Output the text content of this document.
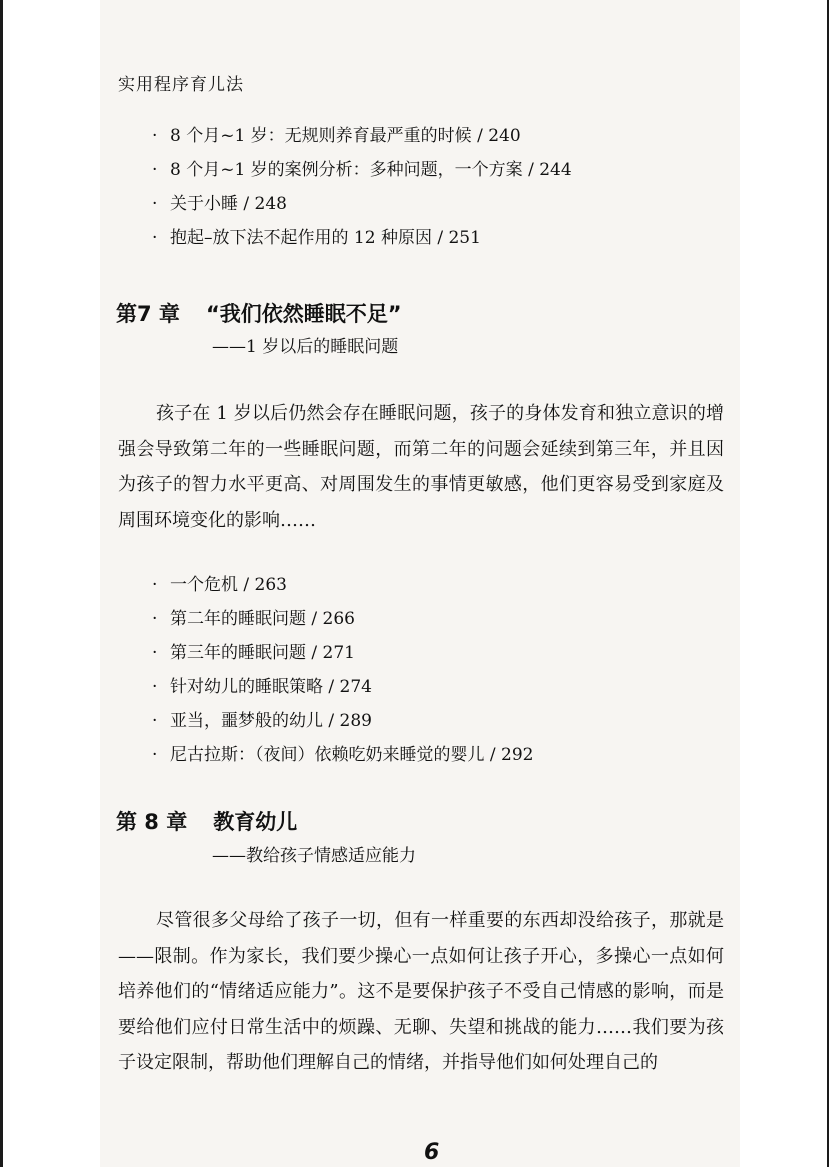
实用程序育儿法
· 8 个月~1 岁：无规则养育最严重的时候 / 240
· 8 个月~1 岁的案例分析：多种问题，一个方案 / 244
· 关于小睡 / 248
· 抱起–放下法不起作用的 12 种原因 / 251
第7 章 “我们依然睡眠不足”
——1 岁以后的睡眠问题

孩子在 1 岁以后仍然会存在睡眠问题，孩子的身体发育和独立意识的增强会导致第二年的一些睡眠问题，而第二年的问题会延续到第三年，并且因为孩子的智力水平更高、对周围发生的事情更敏感，他们更容易受到家庭及周围环境变化的影响……

· 一个危机 / 263
· 第二年的睡眠问题 / 266
· 第三年的睡眠问题 / 271
· 针对幼儿的睡眠策略 / 274
· 亚当，噩梦般的幼儿 / 289
· 尼古拉斯：（夜间）依赖吃奶来睡觉的婴儿 / 292
第 8 章 教育幼儿
——教给孩子情感适应能力

尽管很多父母给了孩子一切，但有一样重要的东西却没给孩子，那就是——限制。作为家长，我们要少操心一点如何让孩子开心，多操心一点如何培养他们的“情绪适应能力”。这不是要保护孩子不受自己情感的影响，而是要给他们应付日常生活中的烦躁、无聊、失望和挑战的能力……我们要为孩子设定限制，帮助他们理解自己的情绪，并指导他们如何处理自己的

6
